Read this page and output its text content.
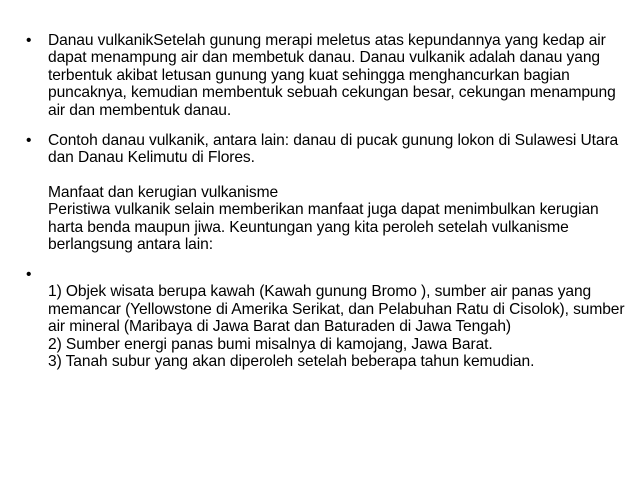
•	Danau vulkanikSetelah gunung merapi meletus atas kepundannya yang kedap air dapat menampung air dan membetuk danau. Danau vulkanik adalah danau yang terbentuk akibat letusan gunung yang kuat sehingga menghancurkan bagian puncaknya, kemudian membentuk sebuah cekungan besar, cekungan menampung air dan membentuk danau.

•	Contoh danau vulkanik, antara lain: danau di pucak gunung lokon di Sulawesi Utara dan Danau Kelimutu di Flores.

Manfaat dan kerugian vulkanisme

Peristiwa vulkanik selain memberikan manfaat juga dapat menimbulkan kerugian harta benda maupun jiwa. Keuntungan yang kita peroleh setelah vulkanisme berlangsung antara lain:

•

1) Objek wisata berupa kawah (Kawah gunung Bromo ), sumber air panas yang memancar (Yellowstone di Amerika Serikat, dan Pelabuhan Ratu di Cisolok), sumber air mineral (Maribaya di Jawa Barat dan Baturaden di Jawa Tengah)

2) Sumber energi panas bumi misalnya di kamojang, Jawa Barat.

3) Tanah subur yang akan diperoleh setelah beberapa tahun kemudian.
